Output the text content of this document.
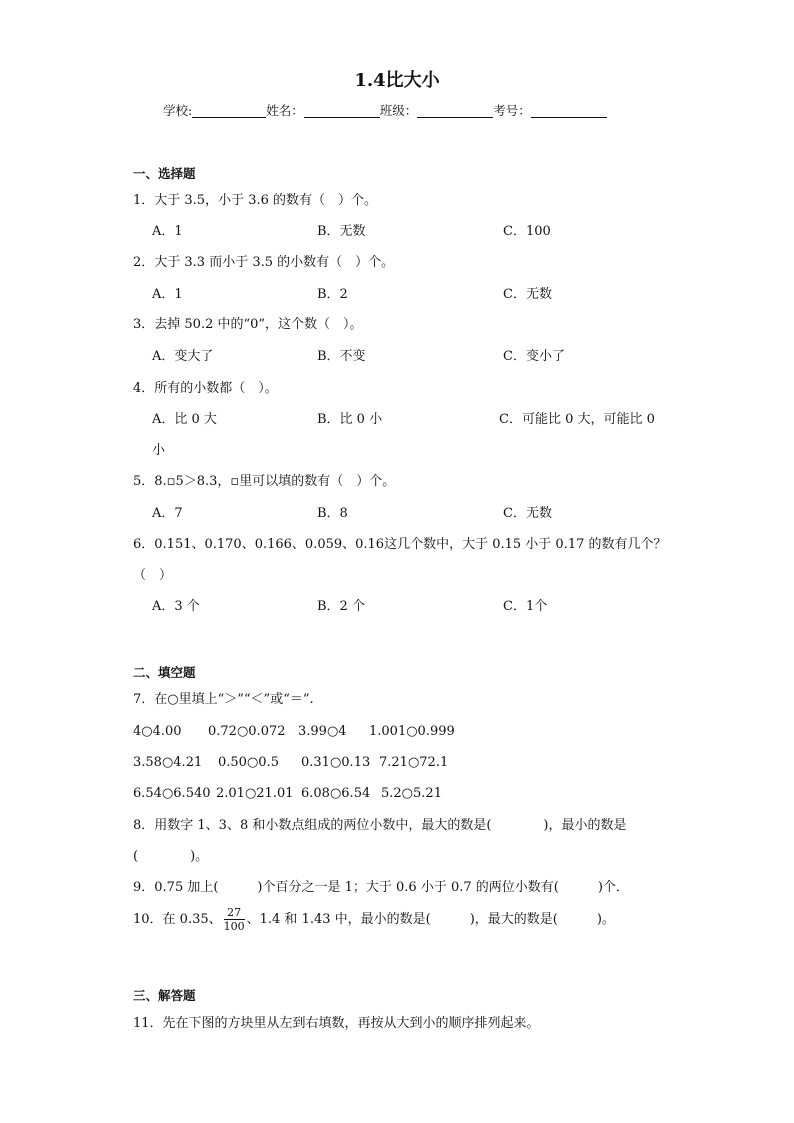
1.4比大小
学校:	姓名：	班级：	考号：
一、选择题
1．大于 3.5，小于 3.6 的数有（　）个。
A．1	B．无数	C．100
2．大于 3.3 而小于 3.5 的小数有（　）个。
A．1	B．2	C．无数
3．去掉 50.2 中的“0”，这个数（　）。
A．变大了	B．不变	C．变小了
4．所有的小数都（　）。
A．比 0 大	B．比 0 小	C．可能比 0 大，可能比 0
小
5．8.▫5＞8.3，▫里可以填的数有（　）个。
A．7	B．8	C．无数
6．0.151、0.170、0.166、0.059、0.16这几个数中，大于 0.15 小于 0.17 的数有几个？
（　）
A．3 个	B．2 个	C．1个
二、填空题
7．在○里填上“＞”“＜”或“＝”.
4○4.00 0.72○0.072 3.99○4 1.001○0.999
3.58○4.21 0.50○0.5 0.31○0.13 7.21○72.1
6.54○6.540 2.01○21.01 6.08○6.54 5.2○5.21
8．用数字 1、3、8 和小数点组成的两位小数中，最大的数是(　　　　)，最小的数是
(　　　　)。
9．0.75 加上(　　　)个百分之一是 1；大于 0.6 小于 0.7 的两位小数有(　　　)个．
10．在 0.35、 $\frac{27}{100}$ 、1.4 和 1.43 中，最小的数是(　　　)，最大的数是(　　　)。
三、解答题
11．先在下图的方块里从左到右填数，再按从大到小的顺序排列起来。
